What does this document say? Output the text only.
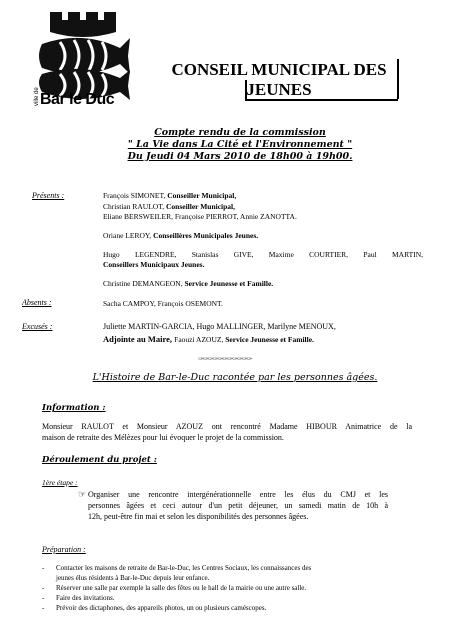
ville de Bar le Duc
CONSEIL MUNICIPAL DES
JEUNES
Compte rendu de la commission
" La Vie dans La Cité et l'Environnement "
Du Jeudi 04 Mars 2010 de 18h00 à 19h00.
Présents :	François SIMONET, Conseiller Municipal,
Christian RAULOT, Conseiller Municipal,
Eliane BERSWEILER, Françoise PIERROT, Annie ZANOTTA.
Oriane LEROY, Conseillères Municipales Jeunes.
Hugo LEGENDRE, Stanislas GIVE, Maxime COURTIER, Paul MARTIN,
Conseillers Municipaux Jeunes.
Christine DEMANGEON, Service Jeunesse et Famille.
Absents :	Sacha CAMPOY, François OSEMONT.
Excusés :	Juliette MARTIN-GARCIA, Hugo MALLINGER, Marilyne MENOUX,
Adjointe au Maire, Faouzi AZOUZ, Service Jeunesse et Famille.
✑✑✑✑✑✑✑✑✑✑✑
L'Histoire de Bar-le-Duc racontée par les personnes âgées.
Information :
Monsieur RAULOT et Monsieur AZOUZ ont rencontré Madame HIBOUR Animatrice de la
maison de retraite des Mélèzes pour lui évoquer le projet de la commission.
Déroulement du projet :
1ère étape :
☞ Organiser une rencontre intergénérationnelle entre les élus du CMJ et les
personnes âgées et ceci autour d'un petit déjeuner, un samedi matin de 10h à
12h, peut-être fin mai et selon les disponibilités des personnes âgées.
Préparation :
- Contacter les maisons de retraite de Bar-le-Duc, les Centres Sociaux, les connaissances des
jeunes élus résidents à Bar-le-Duc depuis leur enfance.
- Réserver une salle par exemple la salle des fêtes ou le hall de la mairie ou une autre salle.
- Faire des invitations.
- Prévoir des dictaphones, des appareils photos, un ou plusieurs caméscopes.
